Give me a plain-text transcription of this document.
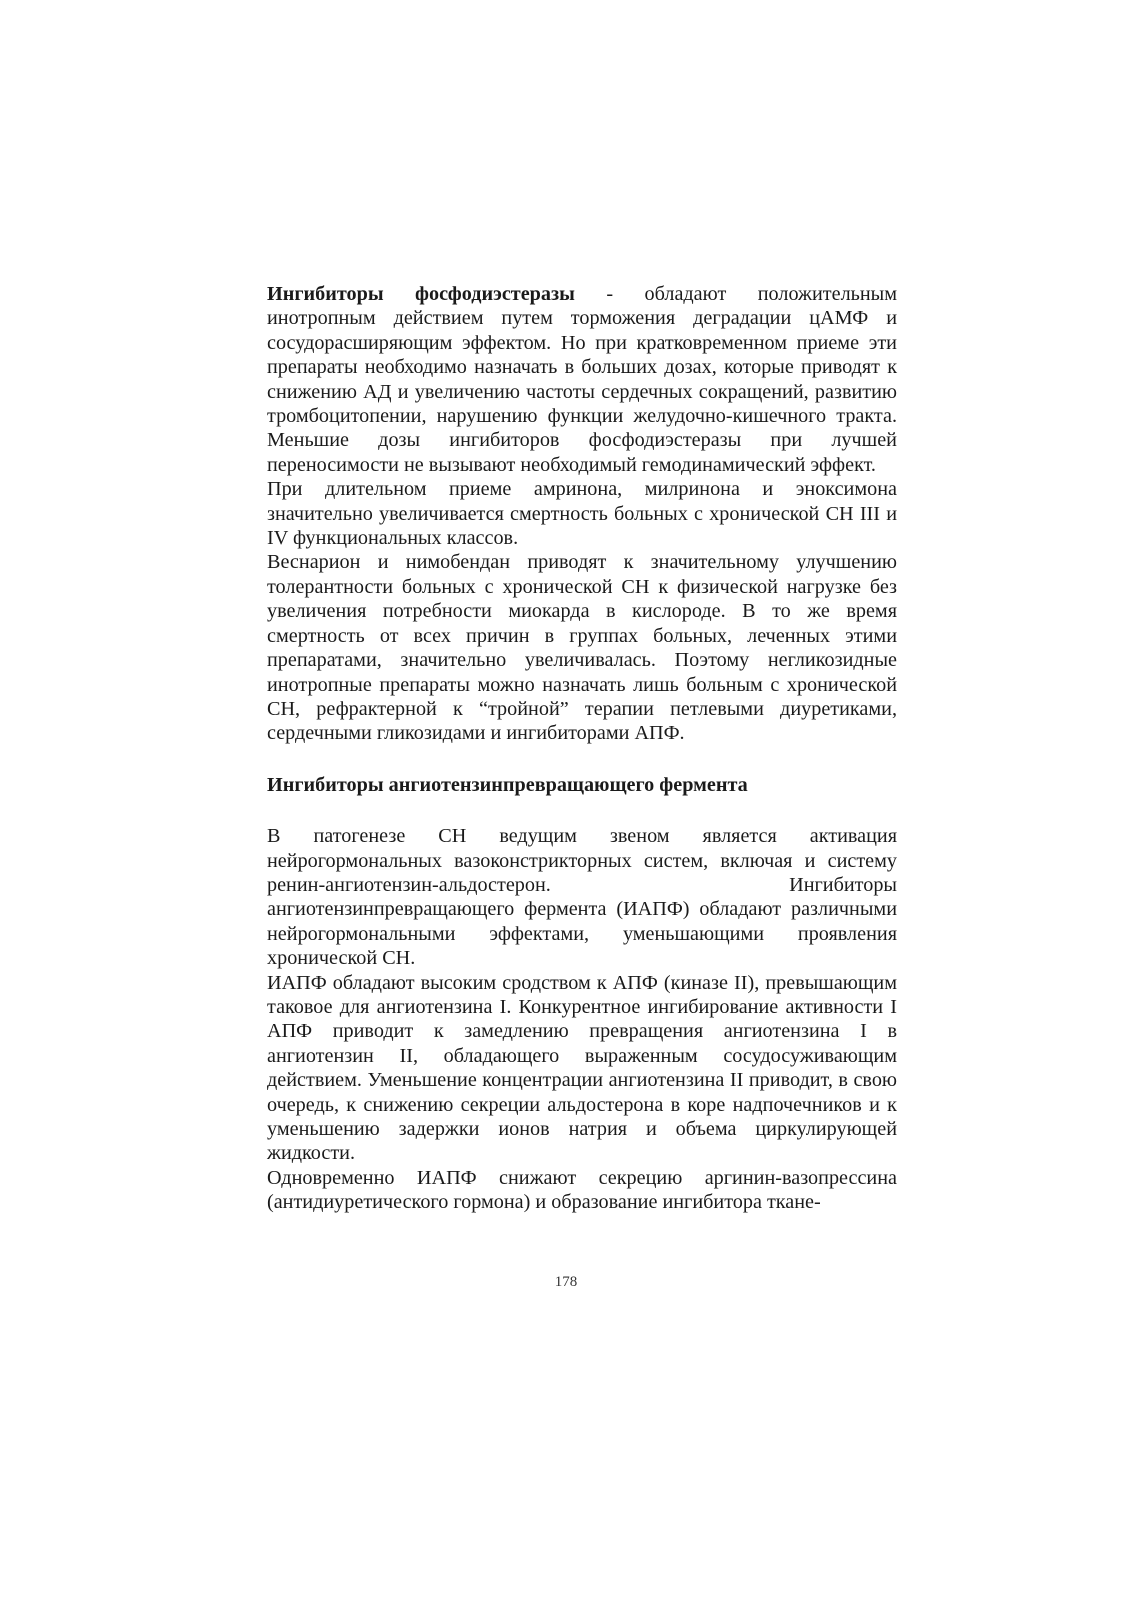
Ингибиторы фосфодиэстеразы - обладают положительным инотропным действием путем торможения деградации цАМФ и сосудорасширяющим эффектом. Но при кратковременном приеме эти препараты необходимо назначать в больших дозах, которые приводят к снижению АД и увеличению частоты сердечных сокращений, развитию тромбоцитопении, нарушению функции желудочно-кишечного тракта. Меньшие дозы ингибиторов фосфодиэстеразы при лучшей переносимости не вызывают необходимый гемодинамический эффект.

При длительном приеме амринона, милринона и эноксимона значительно увеличивается смертность больных с хронической СН III и IV функциональных классов.

Веснарион и нимобендан приводят к значительному улучшению толерантности больных с хронической СН к физической нагрузке без увеличения потребности миокарда в кислороде. В то же время смертность от всех причин в группах больных, леченных этими препаратами, значительно увеличивалась. Поэтому негликозидные инотропные препараты можно назначать лишь больным с хронической СН, рефрактерной к “тройной” терапии петлевыми диуретиками, сердечными гликозидами и ингибиторами АПФ.

Ингибиторы ангиотензинпревращающего фермента

В патогенезе СН ведущим звеном является активация нейрогормональных вазоконстрикторных систем, включая и систему ренин-ангиотензин-альдостерон. Ингибиторы ангиотензинпревращающего фермента (ИАПФ) обладают различными нейрогормональными эффектами, уменьшающими проявления хронической СН.

ИАПФ обладают высоким сродством к АПФ (киназе II), превышающим таковое для ангиотензина I. Конкурентное ингибирование активности I АПФ приводит к замедлению превращения ангиотензина I в ангиотензин II, обладающего выраженным сосудосуживающим действием. Уменьшение концентрации ангиотензина II приводит, в свою очередь, к снижению секреции альдостерона в коре надпочечников и к уменьшению задержки ионов натрия и объема циркулирующей жидкости.

Одновременно ИАПФ снижают секрецию аргинин-вазопрессина (антидиуретического гормона) и образование ингибитора ткане-

178
